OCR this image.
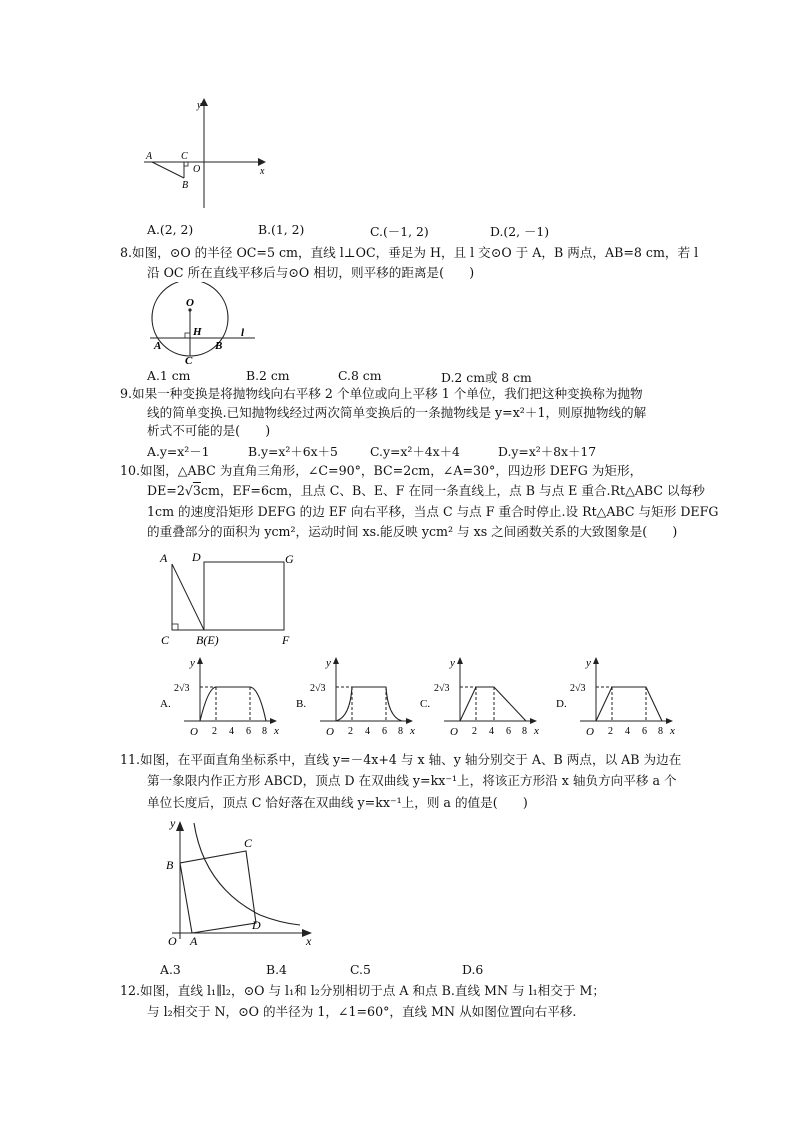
y
x
A	C
O
B
A.(2, 2)	B.(1, 2)	C.(－1, 2)	D.(2, －1)
8.如图，⊙O 的半径 OC=5 cm，直线 l⊥OC，垂足为 H，且 l 交⊙O 于 A，B 两点，AB=8 cm，若 l
沿 OC 所在直线平移后与⊙O 相切，则平移的距离是(　　)
O
H	l
A	B
C
A.1 cm	B.2 cm	C.8 cm	D.2 cm或 8 cm
9.如果一种变换是将抛物线向右平移 2 个单位或向上平移 1 个单位，我们把这种变换称为抛物
线的简单变换.已知抛物线经过两次简单变换后的一条抛物线是 y=x²＋1，则原抛物线的解
析式不可能的是(　　)
A.y=x²－1	B.y=x²＋6x＋5	C.y=x²＋4x＋4	D.y=x²＋8x＋17
10.如图，△ABC 为直角三角形，∠C=90°，BC=2cm，∠A=30°，四边形 DEFG 为矩形，
DE=2√3cm，EF=6cm，且点 C、B、E、F 在同一条直线上，点 B 与点 E 重合.Rt△ABC 以每秒
1cm 的速度沿矩形 DEFG 的边 EF 向右平移，当点 C 与点 F 重合时停止.设 Rt△ABC 与矩形 DEFG
的重叠部分的面积为 ycm²，运动时间 xs.能反映 ycm² 与 xs 之间函数关系的大致图象是(　　)
A D	G
C B(E)	F
A.
y
2√3
O 2 4 6 8 x
B.
y
2√3
O 2 4 6 8 x
C.
y
2√3
O 2 4 6 8 x
D.
y
2√3
O 2 4 6 8 x
11.如图，在平面直角坐标系中，直线 y=－4x+4 与 x 轴、y 轴分别交于 A、B 两点，以 AB 为边在
第一象限内作正方形 ABCD，顶点 D 在双曲线 y=kx⁻¹上，将该正方形沿 x 轴负方向平移 a 个
单位长度后，顶点 C 恰好落在双曲线 y=kx⁻¹上，则 a 的值是(　　)
y
B
C
D
O A	x
A.3	B.4	C.5	D.6
12.如图，直线 l₁∥l₂，⊙O 与 l₁和 l₂分别相切于点 A 和点 B.直线 MN 与 l₁相交于 M；
与 l₂相交于 N，⊙O 的半径为 1，∠1=60°，直线 MN 从如图位置向右平移.
